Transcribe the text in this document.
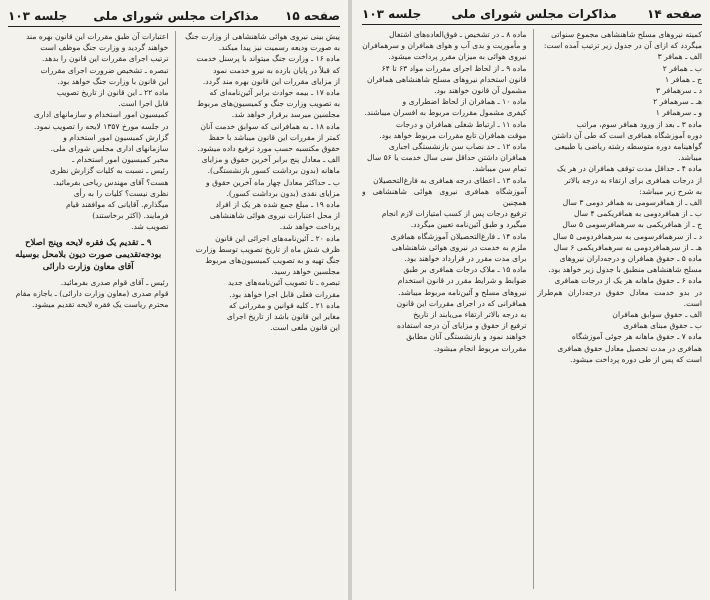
صفحه ۱۵
مذاکرات مجلس شورای ملی
جلسه ۱۰۳
پیش بینی نیروی هوائی شاهنشاهی از وزارت جنگ
به صورت ودیعه رسمیت نیز پیدا میکند.
ماده ۱۶ ـ وزارت جنگ میتواند با پرسنل خدمت
که قبلاً در پایان بازده به نیرو خدمت نمود
از مزایای مقررات این قانون بهره مند گردد.
ماده ۱۷ ـ بیمه حوادث برابر آئین‌نامه‌ای که
به تصویب وزارت جنگ و کمیسیون‌های مربوط
مجلسین میرسد برقرار خواهد شد.
ماده ۱۸ ـ به همافرانی که سوابق خدمت آنان
کمتر از مقررات این قانون میباشد با حفظ
حقوق مکتسبه حسب مورد ترفیع داده میشود.
الف ـ معادل پنج برابر آخرین حقوق و مزایای
ماهانه (بدون برداشت کسور بازنشستگی).
ب ـ حداکثر معادل چهار ماه آخرین حقوق و
مزایای نقدی (بدون برداشت کسور).
ماده ۱۹ ـ مبلغ جمع شده هر یک از افراد
از محل اعتبارات نیروی هوائی شاهنشاهی
پرداخت خواهد شد.
ماده ۲۰ ـ آئین‌نامه‌های اجرائی این قانون
ظرف شش ماه از تاریخ تصویب توسط وزارت
جنگ تهیه و به تصویب کمیسیون‌های مربوط
مجلسین خواهد رسید.
تبصره ـ تا تصویب آئین‌نامه‌های جدید
مقررات فعلی قابل اجرا خواهد بود.
ماده ۲۱ ـ کلیه قوانین و مقرراتی که
مغایر این قانون باشد از تاریخ اجرای
این قانون ملغی است.
اعتبارات آن طبق مقررات این قانون بهره مند
خواهند گردید و وزارت جنگ موظف است
ترتیب اجرای مقررات این قانون را بدهد.
تبصره ـ تشخیص ضرورت اجرای مقررات
این قانون با وزارت جنگ خواهد بود.
ماده ۲۲ ـ این قانون از تاریخ تصویب
قابل اجرا است.
کمیسیون امور استخدام و سازمانهای اداری
در جلسه مورخ ۱۳۵۷ لایحه را تصویب نمود.
گزارش کمیسیون امور استخدام و
سازمانهای اداری مجلس شورای ملی.
مخبر کمیسیون امور استخدام ـ
رئیس ـ نسبت به کلیات گزارش نظری
هست؟ آقای مهندس ریاحی بفرمائید.
نظری نیست؟ کلیات را به رأی
میگذارم. آقایانی که موافقند قیام
فرمایند. (اکثر برخاستند)
تصویب شد.
۹ ـ تقدیم یک فقره لایحه وپنج اصلاح بودجه‌تقدیمی صورت دیون بلامحل بوسیله آقای معاون وزارت دارائی
رئیس ـ آقای قوام صدری بفرمائید.
قوام صدری (معاون وزارت دارائی) ـ باجازه مقام
محترم ریاست یک فقره لایحه تقدیم میشود.
صفحه ۱۴
مذاکرات مجلس شورای ملی
جلسه ۱۰۳
کمیته نیروهای مسلح شاهنشاهی مجموع سنواتی
میگردد که ازای آن در جدول زیر ترتیب آمده است:
الف ـ همافر ۳
ب ـ همافر ۲
ج ـ همافر ۱
د ـ سرهمافر ۳
هـ ـ سرهمافر ۲
و ـ سرهمافر ۱
ماده ۳ ـ بعد از ورود همافر سوم، مراتب
دوره آموزشگاه همافری است که طی آن داشتن
گواهینامه دوره متوسطه رشته ریاضی یا طبیعی
میباشد.
ماده ۴ ـ حداقل مدت توقف همافران در هر یک
از درجات همافری برای ارتقاء به درجه بالاتر
به شرح زیر میباشد:
الف ـ از همافرسومی به همافر دومی ۳ سال
ب ـ از همافردومی به همافریکمی ۴ سال
ج ـ از همافریکمی به سرهمافرسومی ۵ سال
د ـ از سرهمافرسومی به سرهمافردومی ۵ سال
هـ ـ از سرهمافردومی به سرهمافریکمی ۶ سال
ماده ۵ ـ حقوق همافران و درجه‌داران نیروهای
مسلح شاهنشاهی منطبق با جدول زیر خواهد بود.
ماده ۶ ـ حقوق ماهانه هر یک از درجات همافری
در بدو خدمت معادل حقوق درجه‌داران هم‌طراز است.
الف ـ حقوق سوابق همافران
ب ـ حقوق مبنای همافری
ماده ۷ ـ حقوق ماهانه هر جوئی آموزشگاه
همافری در مدت تحصیل معادل حقوق همافری
است که پس از طی دوره پرداخت میشود.
ماده ۸ ـ در تشخیص ـ فوق‌العاده‌های اشتغال
و مأموریت و بدی آب و هوای همافران و سرهمافران
نیروی هوائی به میزان مقرر پرداخت میشود.
ماده ۹ ـ از لحاظ اجرای مقررات مواد ۶۳ تا ۶۴
قانون استخدام نیروهای مسلح شاهنشاهی همافران
مشمول آن قانون خواهند بود.
ماده ۱۰ ـ همافران از لحاظ اضطراری و
کیفری مشمول مقررات مربوط به افسران میباشند.
ماده ۱۱ ـ ارتباط شغلی همافران و درجات
موقت همافران تابع مقررات مربوط خواهد بود.
ماده ۱۲ ـ حد نصاب سن بازنشستگی اجباری
همافران داشتن حداقل سی سال خدمت یا ۵۶ سال
تمام سن میباشد.
ماده ۱۳ ـ اعطای درجه همافری به فارغ‌التحصیلان
آموزشگاه همافری نیروی هوائی شاهنشاهی و همچنین
ترفیع درجات پس از کسب امتیازات لازم انجام
میگیرد و طبق آئین‌نامه تعیین میگردد.
ماده ۱۴ ـ فارغ‌التحصیلان آموزشگاه همافری
ملزم به خدمت در نیروی هوائی شاهنشاهی
برای مدت مقرر در قرارداد خواهند بود.
ماده ۱۵ ـ ملاک درجات همافری بر طبق
ضوابط و شرایط مقرر در قانون استخدام
نیروهای مسلح و آئین‌نامه مربوط میباشد.
همافرانی که در اجرای مقررات این قانون
به درجه بالاتر ارتقاء می‌یابند از تاریخ
ترفیع از حقوق و مزایای آن درجه استفاده
خواهند نمود و بازنشستگی آنان مطابق
مقررات مربوط انجام میشود.
